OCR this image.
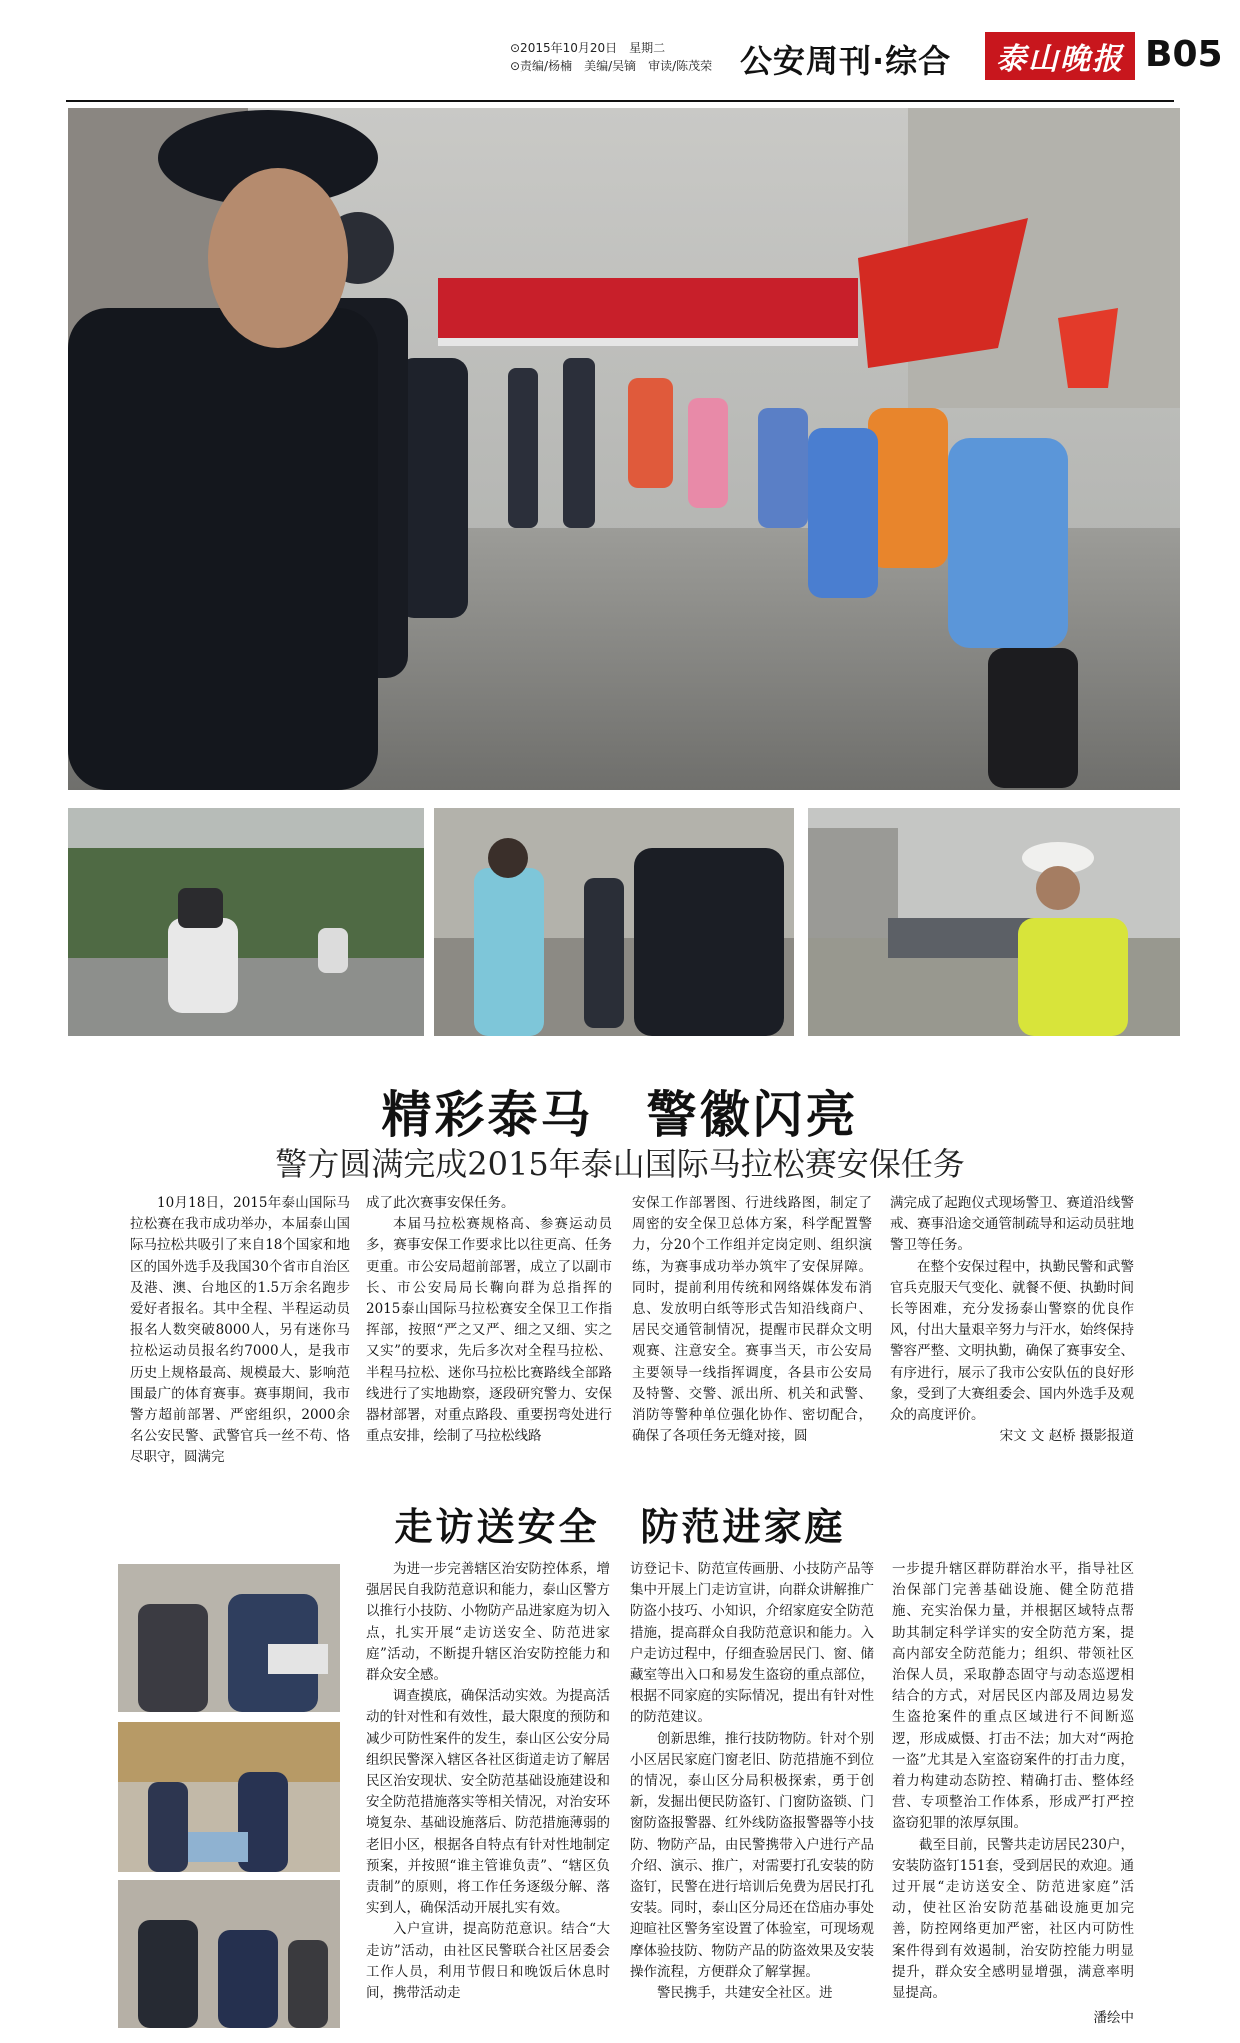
⊙2015年10月20日　星期二
⊙责编/杨楠　美编/吴镝　审读/陈茂荣 公安周刊·综合	泰山晚报 B05
精彩泰马　警徽闪亮
警方圆满完成2015年泰山国际马拉松赛安保任务

10月18日，2015年泰山国际马拉松赛在我市成功举办，本届泰山国际马拉松共吸引了来自18个国家和地区的国外选手及我国30个省市自治区及港、澳、台地区的1.5万余名跑步爱好者报名。其中全程、半程运动员报名人数突破8000人，另有迷你马拉松运动员报名约7000人，是我市历史上规格最高、规模最大、影响范围最广的体育赛事。赛事期间，我市警方超前部署、严密组织，2000余名公安民警、武警官兵一丝不苟、恪尽职守，圆满完

成了此次赛事安保任务。

本届马拉松赛规格高、参赛运动员多，赛事安保工作要求比以往更高、任务更重。市公安局超前部署，成立了以副市长、市公安局局长鞠向群为总指挥的2015泰山国际马拉松赛安全保卫工作指挥部，按照“严之又严、细之又细、实之又实”的要求，先后多次对全程马拉松、半程马拉松、迷你马拉松比赛路线全部路线进行了实地勘察，逐段研究警力、安保器材部署，对重点路段、重要拐弯处进行重点安排，绘制了马拉松线路

安保工作部署图、行进线路图，制定了周密的安全保卫总体方案，科学配置警力，分20个工作组并定岗定则、组织演练，为赛事成功举办筑牢了安保屏障。同时，提前利用传统和网络媒体发布消息、发放明白纸等形式告知沿线商户、居民交通管制情况，提醒市民群众文明观赛、注意安全。赛事当天，市公安局主要领导一线指挥调度，各县市公安局及特警、交警、派出所、机关和武警、消防等警种单位强化协作、密切配合，确保了各项任务无缝对接，圆

满完成了起跑仪式现场警卫、赛道沿线警戒、赛事沿途交通管制疏导和运动员驻地警卫等任务。

在整个安保过程中，执勤民警和武警官兵克服天气变化、就餐不便、执勤时间长等困难，充分发扬泰山警察的优良作风，付出大量艰辛努力与汗水，始终保持警容严整、文明执勤，确保了赛事安全、有序进行，展示了我市公安队伍的良好形象，受到了大赛组委会、国内外选手及观众的高度评价。

宋文 文 赵桥 摄影报道
走访送安全　防范进家庭

为进一步完善辖区治安防控体系，增强居民自我防范意识和能力，泰山区警方以推行小技防、小物防产品进家庭为切入点，扎实开展“走访送安全、防范进家庭”活动，不断提升辖区治安防控能力和群众安全感。

调查摸底，确保活动实效。为提高活动的针对性和有效性，最大限度的预防和减少可防性案件的发生，泰山区公安分局组织民警深入辖区各社区街道走访了解居民区治安现状、安全防范基础设施建设和安全防范措施落实等相关情况，对治安环境复杂、基础设施落后、防范措施薄弱的老旧小区，根据各自特点有针对性地制定预案，并按照“谁主管谁负责”、“辖区负责制”的原则，将工作任务逐级分解、落实到人，确保活动开展扎实有效。

入户宣讲，提高防范意识。结合“大走访”活动，由社区民警联合社区居委会工作人员，利用节假日和晚饭后休息时间，携带活动走

访登记卡、防范宣传画册、小技防产品等集中开展上门走访宣讲，向群众讲解推广防盗小技巧、小知识，介绍家庭安全防范措施，提高群众自我防范意识和能力。入户走访过程中，仔细查验居民门、窗、储藏室等出入口和易发生盗窃的重点部位，根据不同家庭的实际情况，提出有针对性的防范建议。

创新思维，推行技防物防。针对个别小区居民家庭门窗老旧、防范措施不到位的情况，泰山区分局积极探索，勇于创新，发掘出便民防盗钉、门窗防盗锁、门窗防盗报警器、红外线防盗报警器等小技防、物防产品，由民警携带入户进行产品介绍、演示、推广，对需要打孔安装的防盗钉，民警在进行培训后免费为居民打孔安装。同时，泰山区分局还在岱庙办事处迎暄社区警务室设置了体验室，可现场观摩体验技防、物防产品的防盗效果及安装操作流程，方便群众了解掌握。

警民携手，共建安全社区。进

一步提升辖区群防群治水平，指导社区治保部门完善基础设施、健全防范措施、充实治保力量，并根据区域特点帮助其制定科学详实的安全防范方案，提高内部安全防范能力；组织、带领社区治保人员，采取静态固守与动态巡逻相结合的方式，对居民区内部及周边易发生盗抢案件的重点区域进行不间断巡逻，形成威慑、打击不法；加大对“两抢一盗”尤其是入室盗窃案件的打击力度，着力构建动态防控、精确打击、整体经营、专项整治工作体系，形成严打严控盗窃犯罪的浓厚氛围。

截至目前，民警共走访居民230户，安装防盗钉151套，受到居民的欢迎。通过开展“走访送安全、防范进家庭”活动，使社区治安防范基础设施更加完善，防控网络更加严密，社区内可防性案件得到有效遏制，治安防控能力明显提升，群众安全感明显增强，满意率明显提高。

潘绘中
